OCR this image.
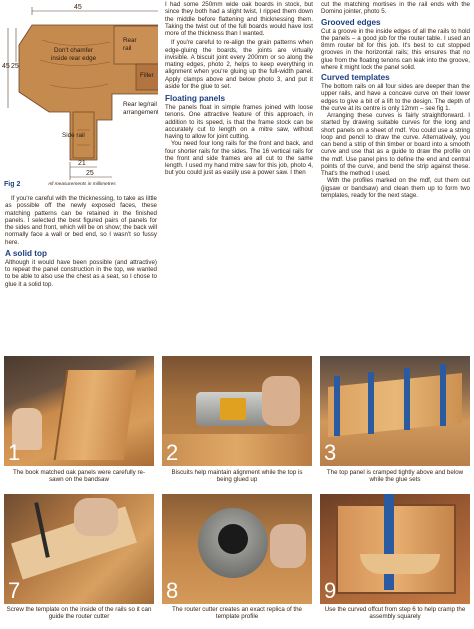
45
45 25
21
25
Don't chamfer
inside rear edge
Rear
rail
Filler
Rear leg/rail
arrangement
Side rail
Fig 2	All measurements in millimetres

If you're careful with the thicknessing, to take as little as possible off the newly exposed faces, these matching patterns can be retained in the finished panels. I selected the best figured pairs of panels for the sides and front, which will be on show; the back will normally face a wall or bed end, so I wasn't so fussy here.

A solid top

Although it would have been possible (and attractive) to repeat the panel construction in the top, we wanted to be able to also use the chest as a seat, so I chose to glue it a solid top.

I had some 250mm wide oak boards in stock, but since they both had a slight twist, I ripped them down the middle before flattening and thicknessing them. Taking the twist out of the full boards would have lost more of the thickness than I wanted.

If you're careful to re-align the grain patterns when edge-gluing the boards, the joints are virtually invisible. A biscuit joint every 200mm or so along the mating edges, photo 2, helps to keep everything in alignment when you're gluing up the full-width panel. Apply clamps above and below photo 3, and put it aside for the glue to set.

Floating panels

The panels float in simple frames joined with loose tenons. One attractive feature of this approach, in addition to its speed, is that the frame stock can be accurately cut to length on a mitre saw, without having to allow for joint cutting.

You need four long rails for the front and back, and four shorter rails for the sides. The 16 vertical rails for the front and side frames are all cut to the same length. I used my hand mitre saw for this job, photo 4, but you could just as easily use a power saw. I then

cut the matching mortises in the rail ends with the Domino jointer, photo 5.

Grooved edges

Cut a groove in the inside edges of all the rails to hold the panels – a good job for the router table. I used an 8mm router bit for this job. It's best to cut stopped grooves in the horizontal rails; this ensures that no glue from the floating tenons can leak into the groove, where it might lock the panel solid.

Curved templates

The bottom rails on all four sides are deeper than the upper rails, and have a concave curve on their lower edges to give a bit of a lift to the design. The depth of the curve at its centre is only 12mm – see fig 1.

Arranging these curves is fairly straightforward. I started by drawing suitable curves for the long and short panels on a sheet of mdf. You could use a string loop and pencil to draw the curve. Alternatively, you can bend a strip of thin timber or board into a smooth curve and use that as a guide to draw the profile on the mdf. Use panel pins to define the end and central points of the curve, and bend the strip against these. That's the method I used.

With the profiles marked on the mdf, cut them out (jigsaw or bandsaw) and clean them up to form two templates, ready for the next stage.

1	2	3
The book matched oak panels were carefully re-sawn on the bandsaw
Biscuits help maintain alignment while the top is being glued up
The top panel is cramped tightly above and below while the glue sets
7	8	9
Screw the template on the inside of the rails so it can guide the router cutter
The router cutter creates an exact replica of the template profile
Use the curved offcut from step 6 to help cramp the assembly squarely
